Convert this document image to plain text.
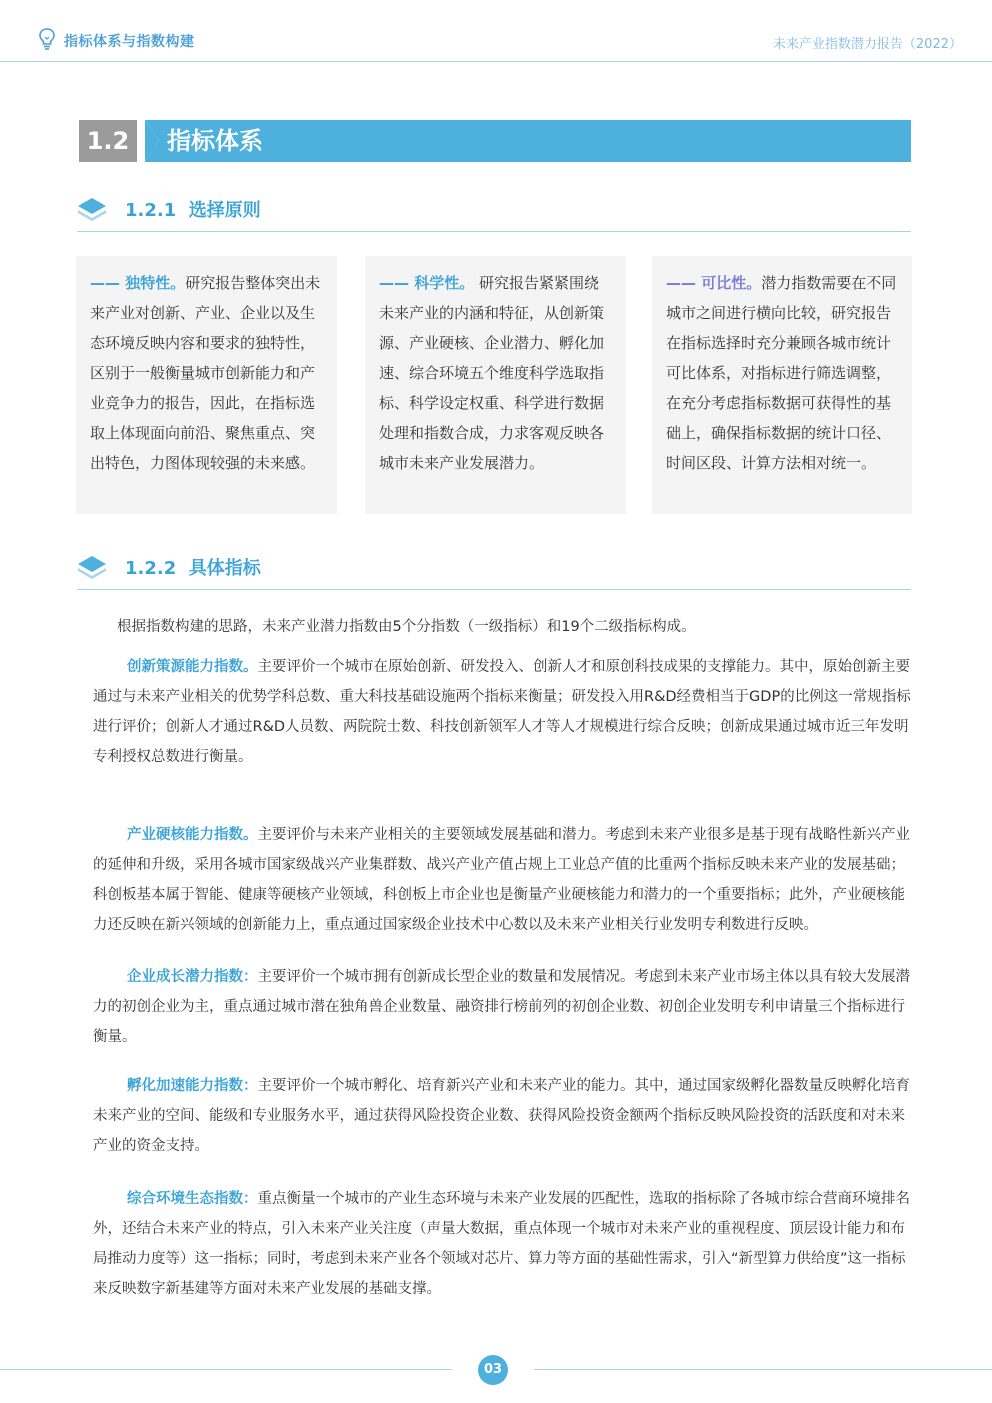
指标体系与指数构建	未来产业指数潜力报告（2022）
1.2	指标体系
1.2.1 选择原则
—— 独特性。研究报告整体突出未来产业对创新、产业、企业以及生态环境反映内容和要求的独特性，区别于一般衡量城市创新能力和产业竞争力的报告，因此，在指标选取上体现面向前沿、聚焦重点、突出特色，力图体现较强的未来感。
—— 科学性。 研究报告紧紧围绕未来产业的内涵和特征，从创新策源、产业硬核、企业潜力、孵化加速、综合环境五个维度科学选取指标、科学设定权重、科学进行数据处理和指数合成，力求客观反映各城市未来产业发展潜力。
—— 可比性。潜力指数需要在不同城市之间进行横向比较，研究报告在指标选择时充分兼顾各城市统计可比体系，对指标进行筛选调整，在充分考虑指标数据可获得性的基础上，确保指标数据的统计口径、时间区段、计算方法相对统一。
1.2.2 具体指标
根据指数构建的思路，未来产业潜力指数由5个分指数（一级指标）和19个二级指标构成。
创新策源能力指数。主要评价一个城市在原始创新、研发投入、创新人才和原创科技成果的支撑能力。其中，原始创新主要通过与未来产业相关的优势学科总数、重大科技基础设施两个指标来衡量；研发投入用R&D经费相当于GDP的比例这一常规指标进行评价；创新人才通过R&D人员数、两院院士数、科技创新领军人才等人才规模进行综合反映；创新成果通过城市近三年发明专利授权总数进行衡量。
产业硬核能力指数。主要评价与未来产业相关的主要领域发展基础和潜力。考虑到未来产业很多是基于现有战略性新兴产业的延伸和升级，采用各城市国家级战兴产业集群数、战兴产业产值占规上工业总产值的比重两个指标反映未来产业的发展基础；科创板基本属于智能、健康等硬核产业领域，科创板上市企业也是衡量产业硬核能力和潜力的一个重要指标；此外，产业硬核能力还反映在新兴领域的创新能力上，重点通过国家级企业技术中心数以及未来产业相关行业发明专利数进行反映。
企业成长潜力指数：主要评价一个城市拥有创新成长型企业的数量和发展情况。考虑到未来产业市场主体以具有较大发展潜力的初创企业为主，重点通过城市潜在独角兽企业数量、融资排行榜前列的初创企业数、初创企业发明专利申请量三个指标进行衡量。
孵化加速能力指数：主要评价一个城市孵化、培育新兴产业和未来产业的能力。其中，通过国家级孵化器数量反映孵化培育未来产业的空间、能级和专业服务水平，通过获得风险投资企业数、获得风险投资金额两个指标反映风险投资的活跃度和对未来产业的资金支持。
综合环境生态指数：重点衡量一个城市的产业生态环境与未来产业发展的匹配性，选取的指标除了各城市综合营商环境排名外，还结合未来产业的特点，引入未来产业关注度（声量大数据，重点体现一个城市对未来产业的重视程度、顶层设计能力和布局推动力度等）这一指标；同时，考虑到未来产业各个领域对芯片、算力等方面的基础性需求，引入“新型算力供给度”这一指标来反映数字新基建等方面对未来产业发展的基础支撑。
03
